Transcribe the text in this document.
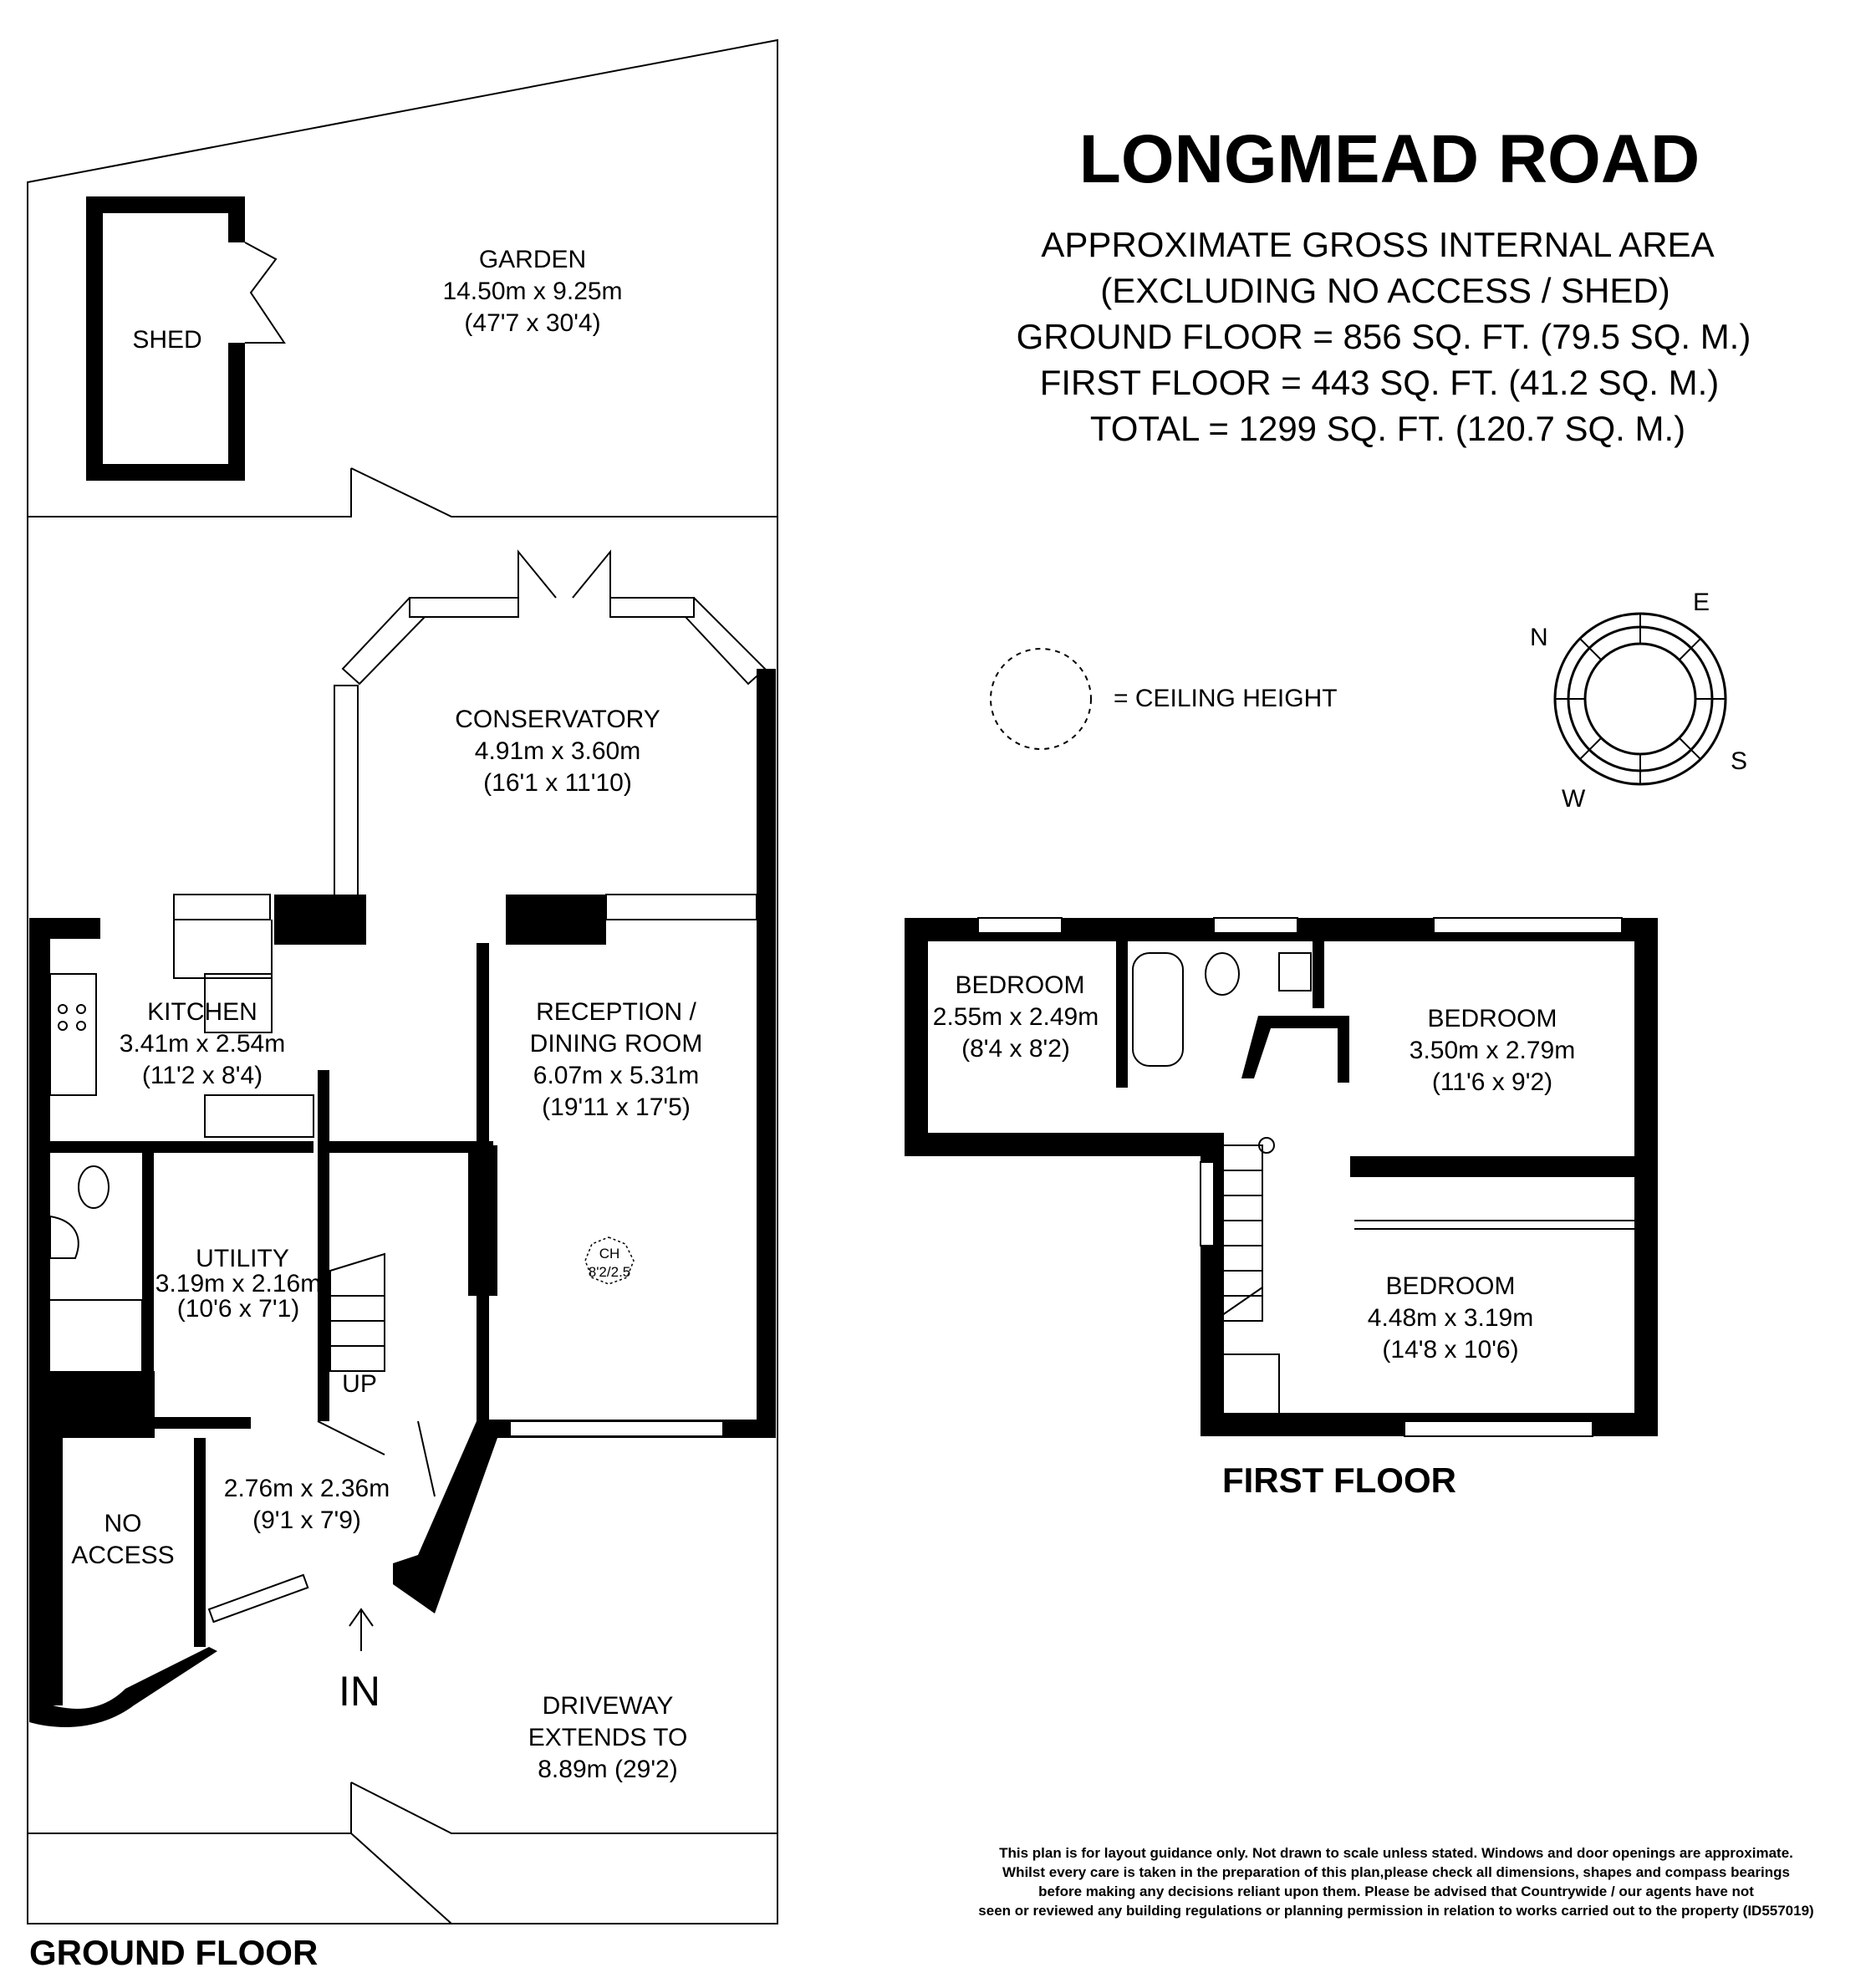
LONGMEAD ROAD
APPROXIMATE GROSS INTERNAL AREA
(EXCLUDING NO ACCESS / SHED)
GROUND FLOOR = 856 SQ. FT. (79.5 SQ. M.)
FIRST FLOOR = 443 SQ. FT. (41.2 SQ. M.)
TOTAL = 1299 SQ. FT. (120.7 SQ. M.)
= CEILING HEIGHT
N
E
S
W
SHED
GARDEN
14.50m x 9.25m
(47'7 x 30'4)
CONSERVATORY
4.91m x 3.60m
(16'1 x 11'10)
KITCHEN
3.41m x 2.54m
(11'2 x 8'4)
RECEPTION /
DINING ROOM
6.07m x 5.31m
(19'11 x 17'5)
UTILITY
3.19m x 2.16m
(10'6 x 7'1)
CH
8'2/2.5
UP
2.76m x 2.36m
(9'1 x 7'9)
NO
ACCESS
IN	DRIVEWAY
EXTENDS TO
8.89m (29'2)
GROUND FLOOR
BEDROOM
2.55m x 2.49m
(8'4 x 8'2)
BEDROOM
3.50m x 2.79m
(11'6 x 9'2)
BEDROOM
4.48m x 3.19m
(14'8 x 10'6)
FIRST FLOOR
This plan is for layout guidance only. Not drawn to scale unless stated. Windows and door openings are approximate.
Whilst every care is taken in the preparation of this plan,please check all dimensions, shapes and compass bearings
before making any decisions reliant upon them. Please be advised that Countrywide / our agents have not
seen or reviewed any building regulations or planning permission in relation to works carried out to the property (ID557019)
